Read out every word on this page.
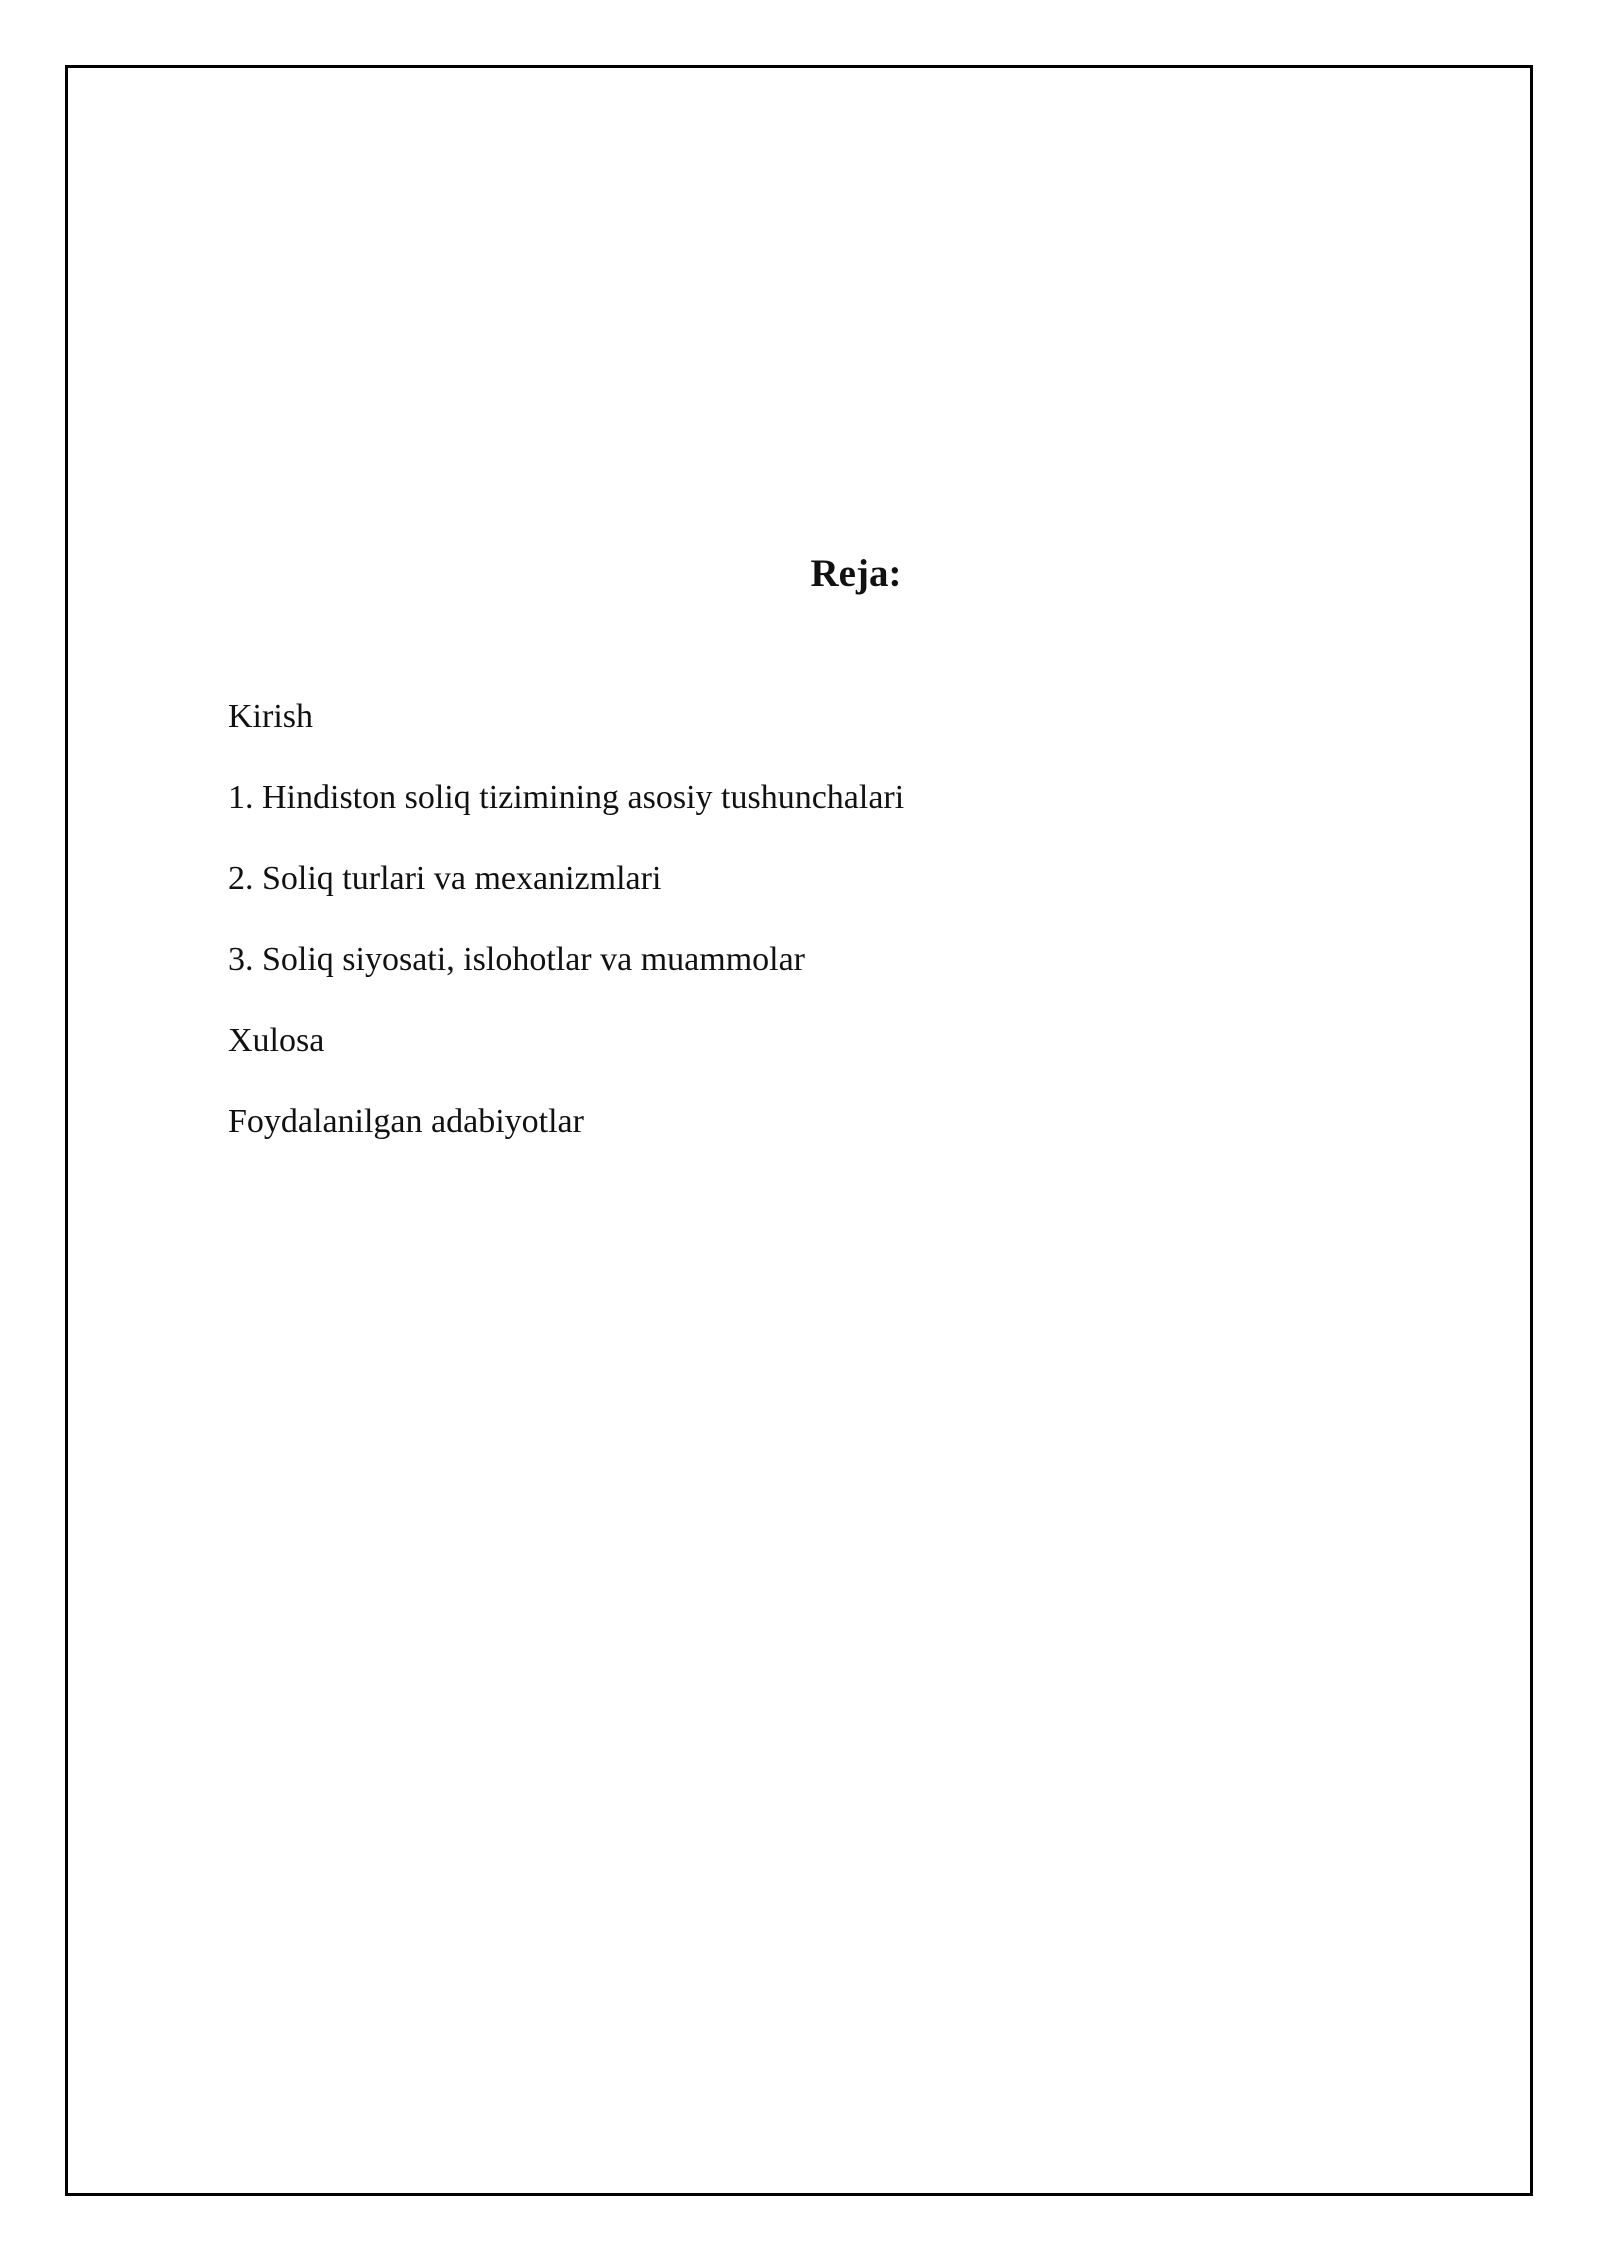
Reja:
Kirish
1. Hindiston soliq tizimining asosiy tushunchalari
2. Soliq turlari va mexanizmlari
3. Soliq siyosati, islohotlar va muammolar
Xulosa
Foydalanilgan adabiyotlar
